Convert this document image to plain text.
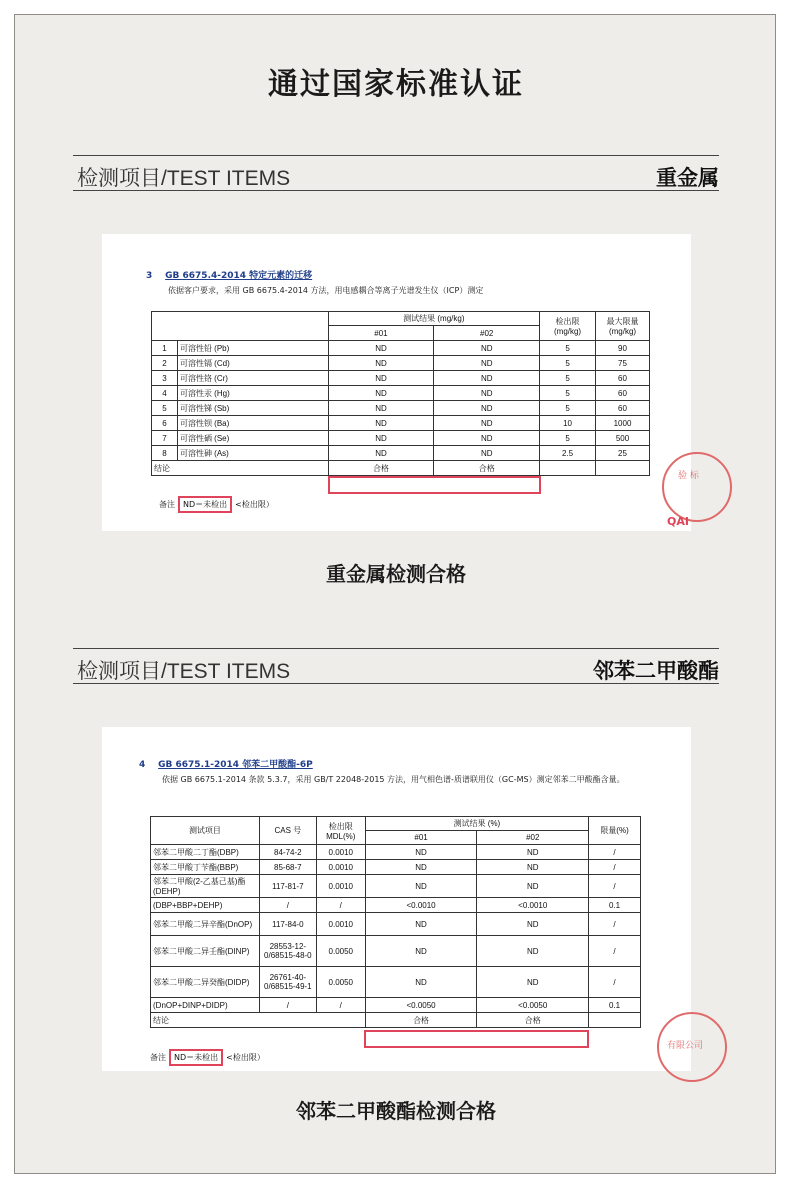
通过国家标准认证
检测项目/TEST ITEMS	重金属
3 GB 6675.4-2014 特定元素的迁移
依据客户要求，采用 GB 6675.4-2014 方法，用电感耦合等离子光谱发生仪（ICP）测定
		测试结果 (mg/kg)		检出限
(mg/kg)	最大限量
(mg/kg)
		#01	#02		
1	可溶性铅 (Pb)	ND	ND	5	90
2	可溶性镉 (Cd)	ND	ND	5	75
3	可溶性铬 (Cr)	ND	ND	5	60
4	可溶性汞 (Hg)	ND	ND	5	60
5	可溶性锑 (Sb)	ND	ND	5	60
6	可溶性钡 (Ba)	ND	ND	10	1000
7	可溶性硒 (Se)	ND	ND	5	500
8	可溶性砷 (As)	ND	ND	2.5	25
结论		合格	合格		
备注 ND＝未检出 <检出限）
验 标
QAI
重金属检测合格
检测项目/TEST ITEMS	邻苯二甲酸酯
4 GB 6675.1-2014 邻苯二甲酸酯-6P
依据 GB 6675.1-2014 条款 5.3.7，采用 GB/T 22048-2015 方法，用气相色谱-质谱联用仪（GC-MS）测定邻苯二甲酸酯含量。
测试项目	CAS 号	检出限
MDL(%)	测试结果 (%)		限量(%)
			#01	#02	
邻苯二甲酸二丁酯(DBP)	84-74-2	0.0010	ND	ND	/
邻苯二甲酸丁苄酯(BBP)	85-68-7	0.0010	ND	ND	/
邻苯二甲酸(2-乙基己基)酯(DEHP)	117-81-7	0.0010	ND	ND	/
(DBP+BBP+DEHP)	/	/	<0.0010	<0.0010	0.1
邻苯二甲酸二异辛酯(DnOP)	117-84-0	0.0010	ND	ND	/
邻苯二甲酸二异壬酯(DINP)	28553-12-0/68515-48-0	0.0050	ND	ND	/
邻苯二甲酸二异癸酯(DIDP)	26761-40-0/68515-49-1	0.0050	ND	ND	/
(DnOP+DINP+DIDP)	/	/	<0.0050	<0.0050	0.1
结论			合格	合格	
备注 ND＝未检出 <检出限）
有限公司
邻苯二甲酸酯检测合格
